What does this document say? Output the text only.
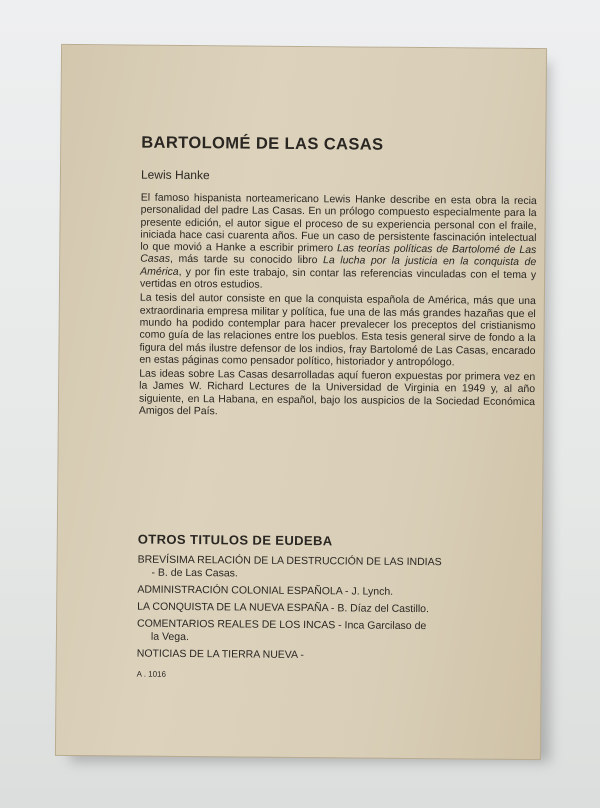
BARTOLOMÉ DE LAS CASAS
Lewis Hanke

El famoso hispanista norteamericano Lewis Hanke describe en esta obra la recia personalidad del padre Las Casas. En un prólogo compuesto especialmente para la presente edición, el autor sigue el proceso de su experiencia personal con el fraile, iniciada hace casi cuarenta años. Fue un caso de persistente fascinación intelectual lo que movió a Hanke a escribir primero Las teorías políticas de Bartolomé de Las Casas, más tarde su conocido libro La lucha por la justicia en la conquista de América, y por fin este trabajo, sin contar las referencias vinculadas con el tema y vertidas en otros estudios.

La tesis del autor consiste en que la conquista española de América, más que una extraordinaria empresa militar y política, fue una de las más grandes hazañas que el mundo ha podido contemplar para hacer prevalecer los preceptos del cristianismo como guía de las relaciones entre los pueblos. Esta tesis general sirve de fondo a la figura del más ilustre defensor de los indios, fray Bartolomé de Las Casas, encarado en estas páginas como pensador político, historiador y antropólogo.

Las ideas sobre Las Casas desarrolladas aquí fueron expuestas por primera vez en la James W. Richard Lectures de la Universidad de Virginia en 1949 y, al año siguiente, en La Habana, en español, bajo los auspicios de la Sociedad Económica Amigos del País.

OTROS TITULOS DE EUDEBA
BREVÍSIMA RELACIÓN DE LA DESTRUCCIÓN DE LAS INDIAS
- B. de Las Casas.
ADMINISTRACIÓN COLONIAL ESPAÑOLA - J. Lynch.
LA CONQUISTA DE LA NUEVA ESPAÑA - B. Díaz del Castillo.
COMENTARIOS REALES DE LOS INCAS - Inca Garcilaso de
la Vega.
NOTICIAS DE LA TIERRA NUEVA -
A . 1016
